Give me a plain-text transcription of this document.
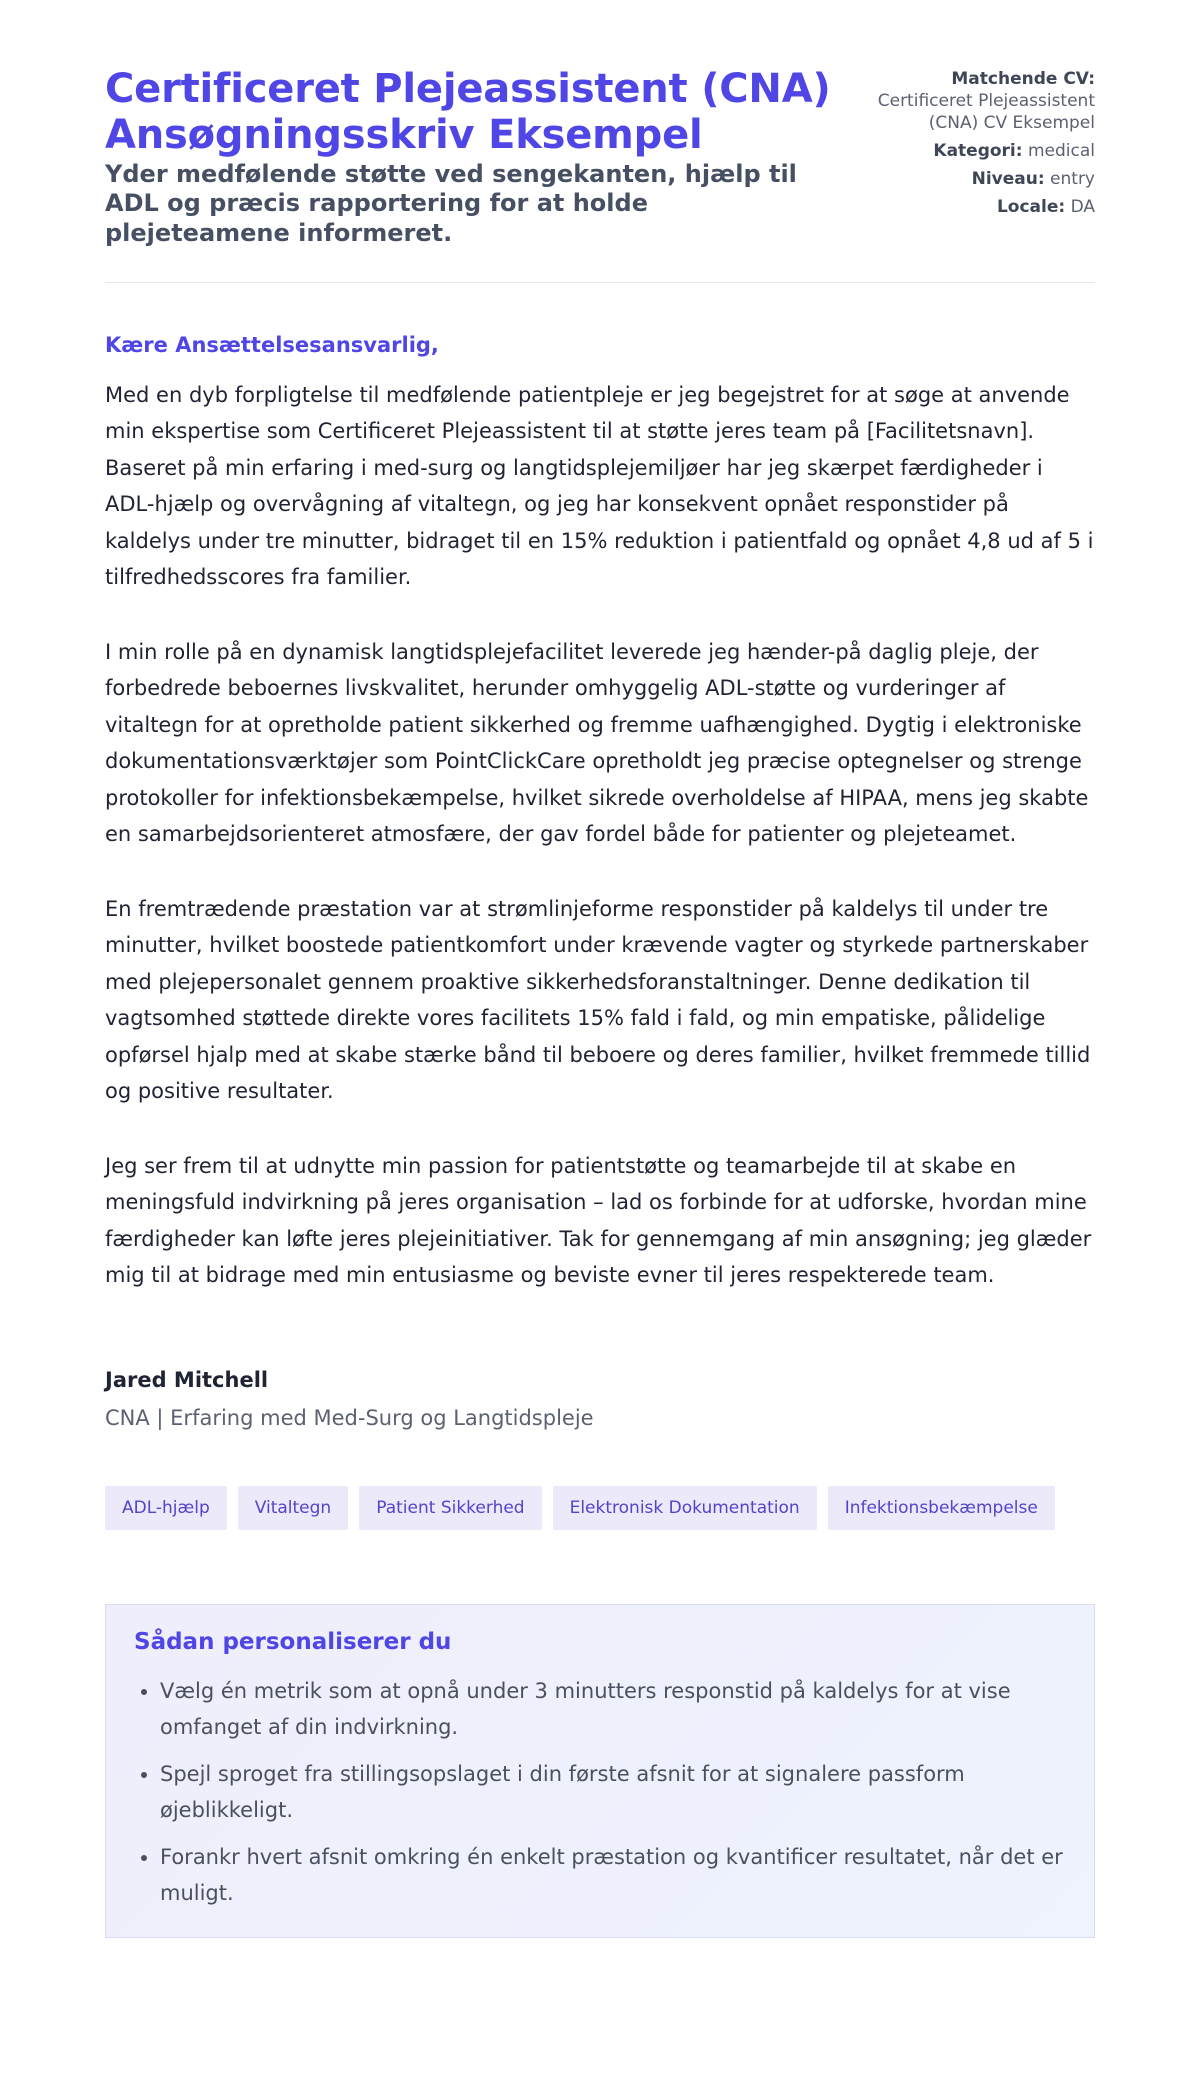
Certificeret Plejeassistent (CNA) Ansøgningsskriv Eksempel
Yder medfølende støtte ved sengekanten, hjælp til ADL og præcis rapportering for at holde plejeteamene informeret.
Matchende CV:
Certificeret Plejeassistent (CNA) CV Eksempel
Kategori: medical
Niveau: entry
Locale: DA
Kære Ansættelsesansvarlig,

Med en dyb forpligtelse til medfølende patientpleje er jeg begejstret for at søge at anvende min ekspertise som Certificeret Plejeassistent til at støtte jeres team på [Facilitetsnavn]. Baseret på min erfaring i med-surg og langtidsplejemiljøer har jeg skærpet færdigheder i ADL-hjælp og overvågning af vitaltegn, og jeg har konsekvent opnået responstider på kaldelys under tre minutter, bidraget til en 15% reduktion i patientfald og opnået 4,8 ud af 5 i tilfredhedsscores fra familier.

I min rolle på en dynamisk langtidsplejefacilitet leverede jeg hænder-på daglig pleje, der forbedrede beboernes livskvalitet, herunder omhyggelig ADL-støtte og vurderinger af vitaltegn for at opretholde patient sikkerhed og fremme uafhængighed. Dygtig i elektroniske dokumentationsværktøjer som PointClickCare opretholdt jeg præcise optegnelser og strenge protokoller for infektionsbekæmpelse, hvilket sikrede overholdelse af HIPAA, mens jeg skabte en samarbejdsorienteret atmosfære, der gav fordel både for patienter og plejeteamet.

En fremtrædende præstation var at strømlinjeforme responstider på kaldelys til under tre minutter, hvilket boostede patientkomfort under krævende vagter og styrkede partnerskaber med plejepersonalet gennem proaktive sikkerhedsforanstaltninger. Denne dedikation til vagtsomhed støttede direkte vores facilitets 15% fald i fald, og min empatiske, pålidelige opførsel hjalp med at skabe stærke bånd til beboere og deres familier, hvilket fremmede tillid og positive resultater.

Jeg ser frem til at udnytte min passion for patientstøtte og teamarbejde til at skabe en meningsfuld indvirkning på jeres organisation – lad os forbinde for at udforske, hvordan mine færdigheder kan løfte jeres plejeinitiativer. Tak for gennemgang af min ansøgning; jeg glæder mig til at bidrage med min entusiasme og beviste evner til jeres respekterede team.

Jared Mitchell
CNA | Erfaring med Med-Surg og Langtidspleje
ADL-hjælp	Vitaltegn	Patient Sikkerhed	Elektronisk Dokumentation	Infektionsbekæmpelse
Sådan personaliserer du
• Vælg én metrik som at opnå under 3 minutters responstid på kaldelys for at vise omfanget af din indvirkning.
• Spejl sproget fra stillingsopslaget i din første afsnit for at signalere passform øjeblikkeligt.
• Forankr hvert afsnit omkring én enkelt præstation og kvantificer resultatet, når det er muligt.
